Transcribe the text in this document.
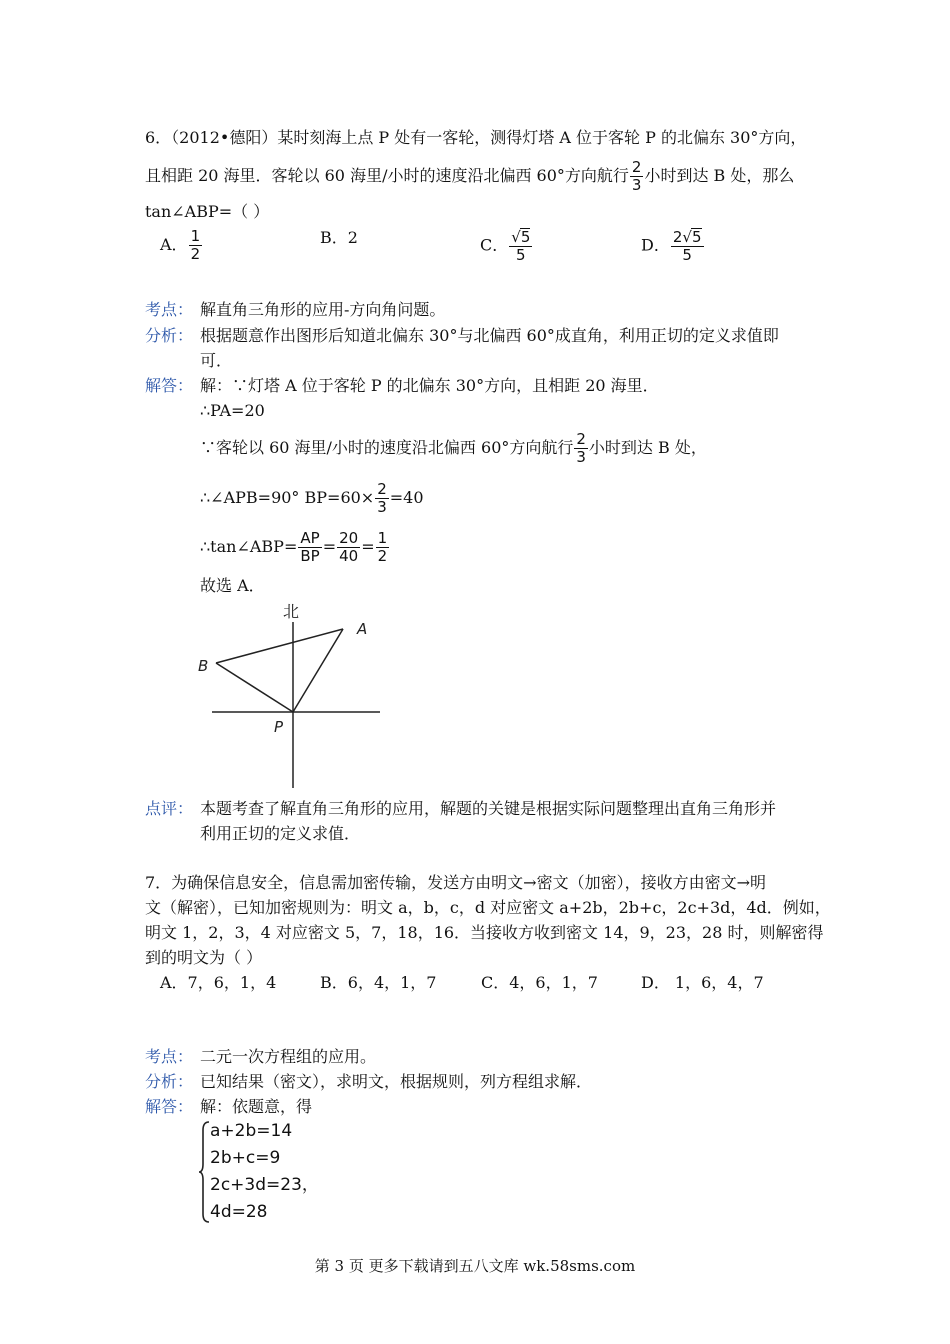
6．（2012•德阳）某时刻海上点 P 处有一客轮，测得灯塔 A 位于客轮 P 的北偏东 30°方向，
且相距 20 海里．客轮以 60 海里/小时的速度沿北偏西 60°方向航行 $\frac{2}{3}$ 小时到达 B 处，那么
tan∠ABP=（ ）
A． $\frac{1}{2}$	B．2	C． $\frac{√5}{5}$	D． $\frac{2√5}{5}$
考点： 解直角三角形的应用-方向角问题。
分析： 根据题意作出图形后知道北偏东 30°与北偏西 60°成直角，利用正切的定义求值即
可．
解答： 解：∵灯塔 A 位于客轮 P 的北偏东 30°方向，且相距 20 海里．
∴PA=20
∵客轮以 60 海里/小时的速度沿北偏西 60°方向航行 $\frac{2}{3}$ 小时到达 B 处，
∴∠APB=90° $BP=60\times \frac{2}{3} =40$
∴tan∠ABP= $\frac{AP}{BP} = \frac{20}{40} = \frac{1}{2}$
故选 A．
北
A
B
P
点评： 本题考查了解直角三角形的应用，解题的关键是根据实际问题整理出直角三角形并
利用正切的定义求值．
7．为确保信息安全，信息需加密传输，发送方由明文→密文（加密），接收方由密文→明
文（解密），已知加密规则为：明文 a，b，c，d 对应密文 a+2b，2b+c，2c+3d，4d．例如，
明文 1，2，3，4 对应密文 5，7，18，16．当接收方收到密文 14，9，23，28 时，则解密得
到的明文为（ ）
A．7，6，1，4	B．6，4，1，7	C．4，6，1，7	D． 1，6，4，7
考点： 二元一次方程组的应用。
分析： 已知结果（密文），求明文，根据规则，列方程组求解．
解答： 解：依题意，得
a+2b=14
2b+c=9
2c+3d=23，
4d=28
第 3 页 更多下载请到五八文库 wk.58sms.com
